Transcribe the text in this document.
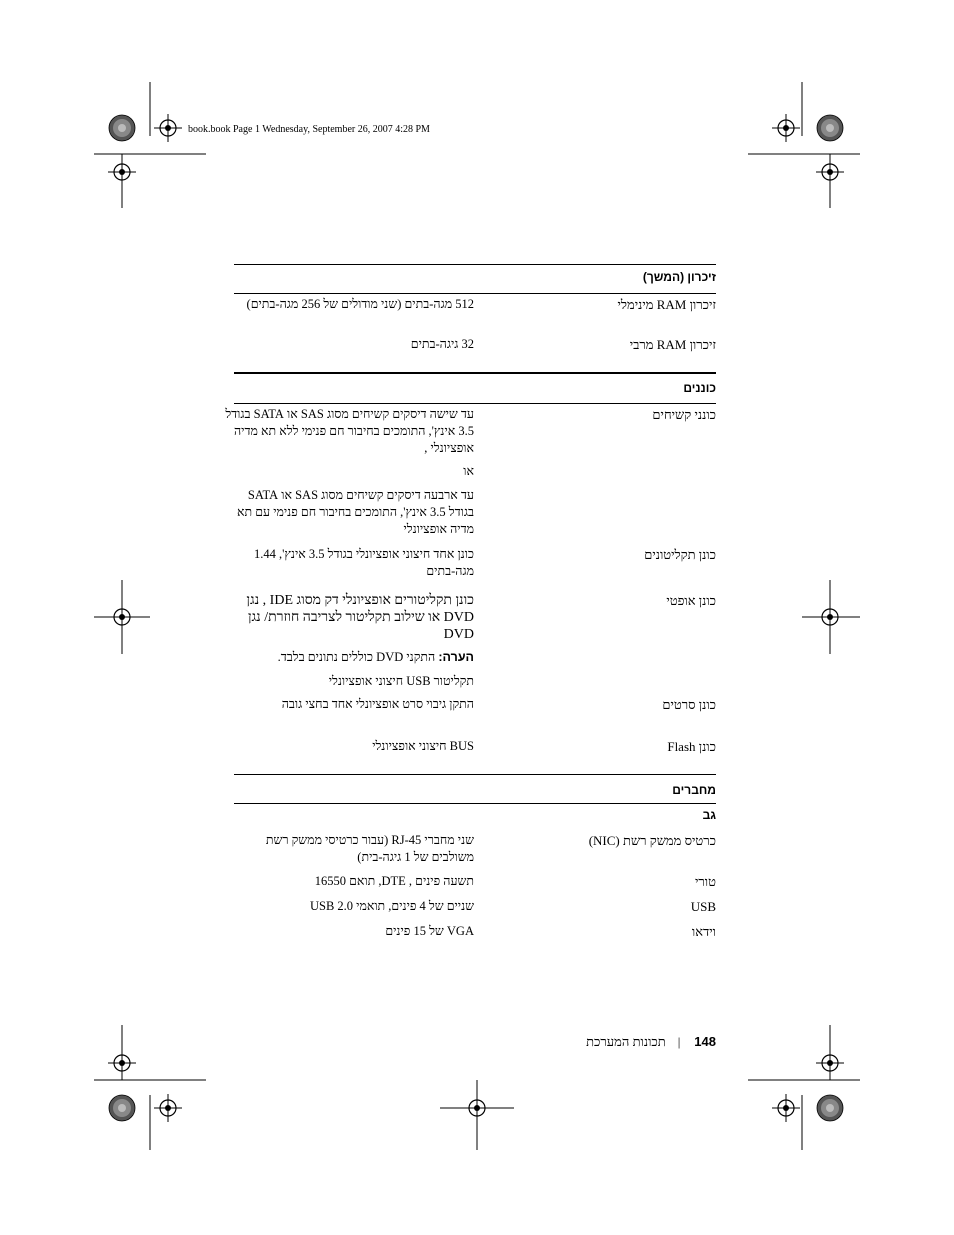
book.book Page 1 Wednesday, September 26, 2007 4:28 PM
זיכרון (המשך)
זיכרון RAM מינימלי
512 מגה-בתים (שני מודולים של 256 מגה-בתים)
זיכרון RAM מרבי
32 גיגה-בתים
כוננים
כונני קשיחים
עד שישה דיסקים קשיחים מסוג SAS או SATA בגודל 3.5 אינץ', התומכים בחיבור חם פנימי ללא תא מדיה אופציונלי ,
או
עד ארבעה דיסקים קשיחים מסוג SAS או SATA בגודל 3.5 אינץ', התומכים בחיבור חם פנימי עם תא מדיה אופציונלי
כונן תקליטונים
כונן אחד חיצוני אופציונלי בגודל 3.5 אינץ', 1.44 מגה-בתים
כונן אופטי
כונן תקליטורים אופציונלי דק מסוג IDE , נגן DVD או שילוב תקליטור לצריבה חוזרת/ נגן DVD
הערה: התקני DVD כוללים נתונים בלבד.
תקליטור USB חיצוני אופציונלי
כונן סרטים
התקן גיבוי סרט אופציונלי אחד בחצי גובה
כונן Flash
BUS חיצוני אופציונלי
מחברים
גב
כרטיס ממשק רשת (NIC)
שני מחברי RJ-45 (עבור כרטיסי ממשק רשת משולבים של 1 גיגה-בית)
טורי
תשעה פינים , DTE, תואם 16550
USB
שניים של 4 פינים, תואמי USB 2.0
וידאו
VGA של 15 פינים
148|תכונות המערכת
